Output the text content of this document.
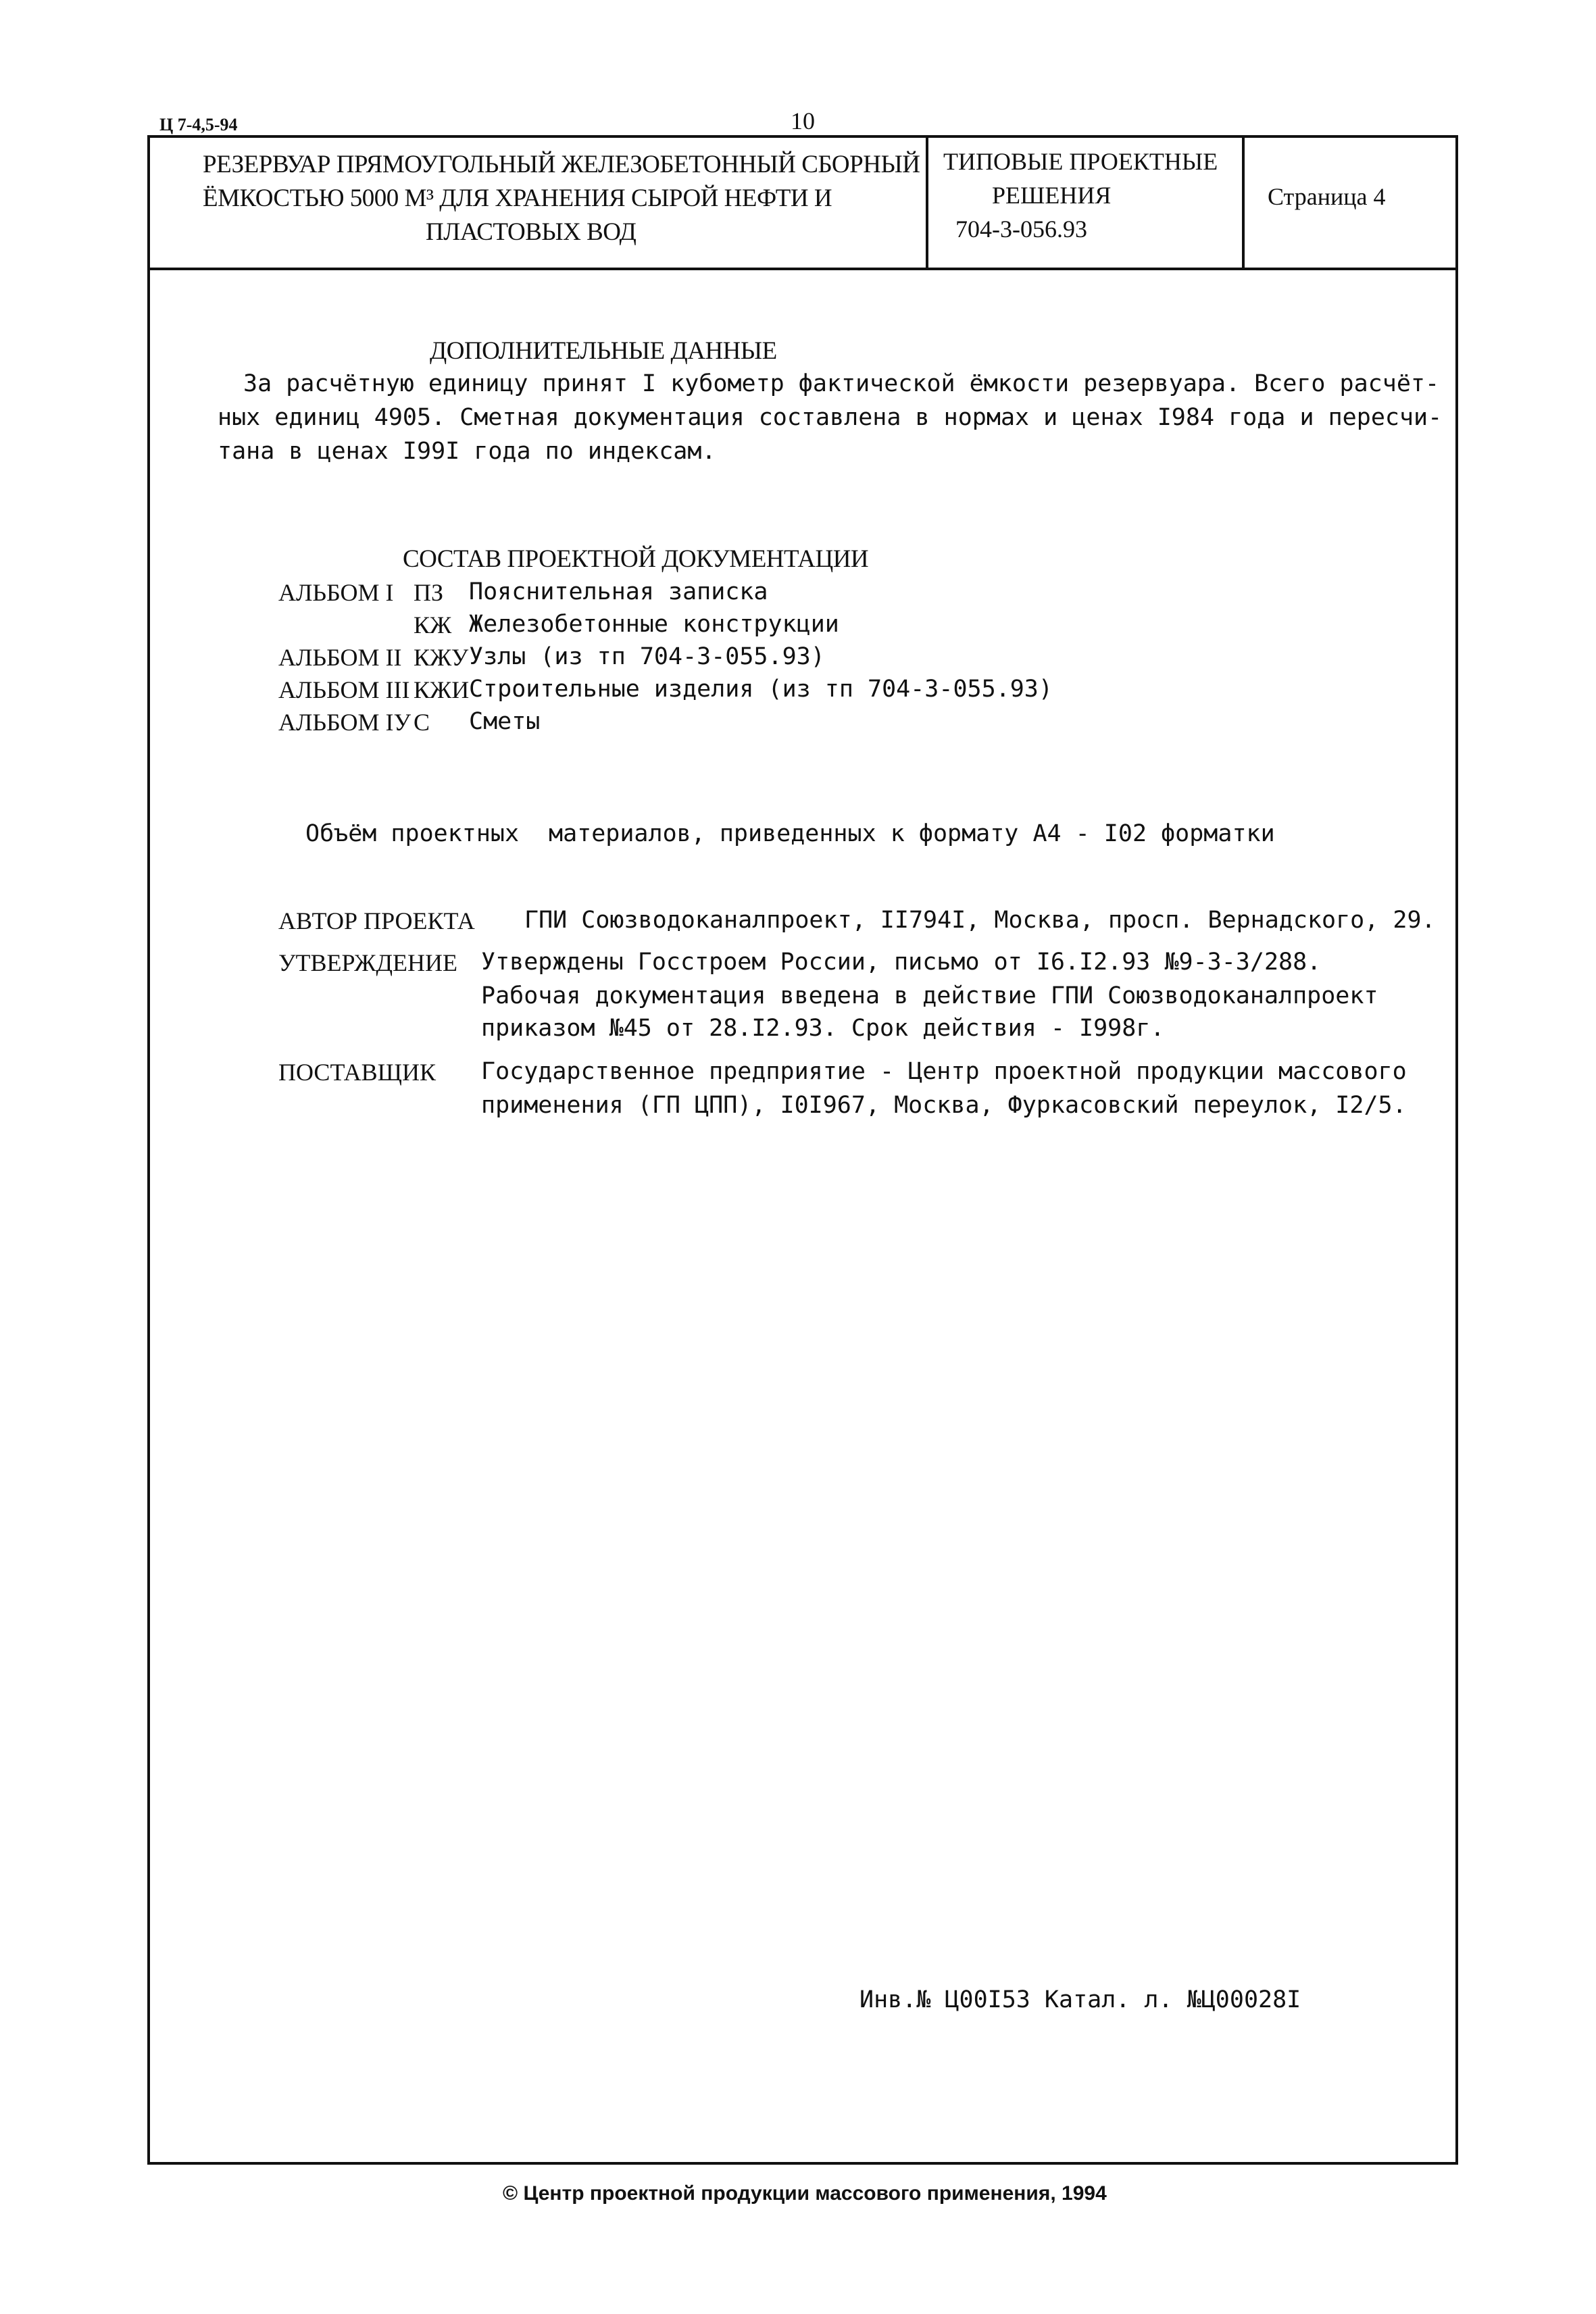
Ц 7-4,5-94	10
РЕЗЕРВУАР ПРЯМОУГОЛЬНЫЙ ЖЕЛЕЗОБЕТОННЫЙ СБОРНЫЙ
ЁМКОСТЬЮ 5000 М³ ДЛЯ ХРАНЕНИЯ СЫРОЙ НЕФТИ И
ПЛАСТОВЫХ ВОД
ТИПОВЫЕ ПРОЕКТНЫЕ
РЕШЕНИЯ
704-3-056.93
Страница 4
ДОПОЛНИТЕЛЬНЫЕ ДАННЫЕ
За расчётную единицу принят I кубометр фактической ёмкости резервуара. Всего расчёт-
ных единиц 4905. Сметная документация составлена в нормах и ценах I984 года и пересчи-
тана в ценах I99I года по индексам.
СОСТАВ ПРОЕКТНОЙ ДОКУМЕНТАЦИИ
АЛЬБОМ I ПЗ Пояснительная записка
КЖ Железобетонные конструкции
АЛЬБОМ II КЖУ Узлы (из тп 704-3-055.93)
АЛЬБОМ III КЖИ Строительные изделия (из тп 704-3-055.93)
АЛЬБОМ IУ С Сметы
Объём проектных материалов, приведенных к формату А4 - I02 форматки
АВТОР ПРОЕКТА ГПИ Союзводоканалпроект, II794I, Москва, просп. Вернадского, 29.
УТВЕРЖДЕНИЕ Утверждены Госстроем России, письмо от I6.I2.93 №9-3-3/288.
Рабочая документация введена в действие ГПИ Союзводоканалпроект
приказом №45 от 28.I2.93. Срок действия - I998г.
ПОСТАВЩИК Государственное предприятие - Центр проектной продукции массового
применения (ГП ЦПП), I0I967, Москва, Фуркасовский переулок, I2/5.
Инв.№ Ц00I53 Катал. л. №Ц00028I
© Центр проектной продукции массового применения, 1994
